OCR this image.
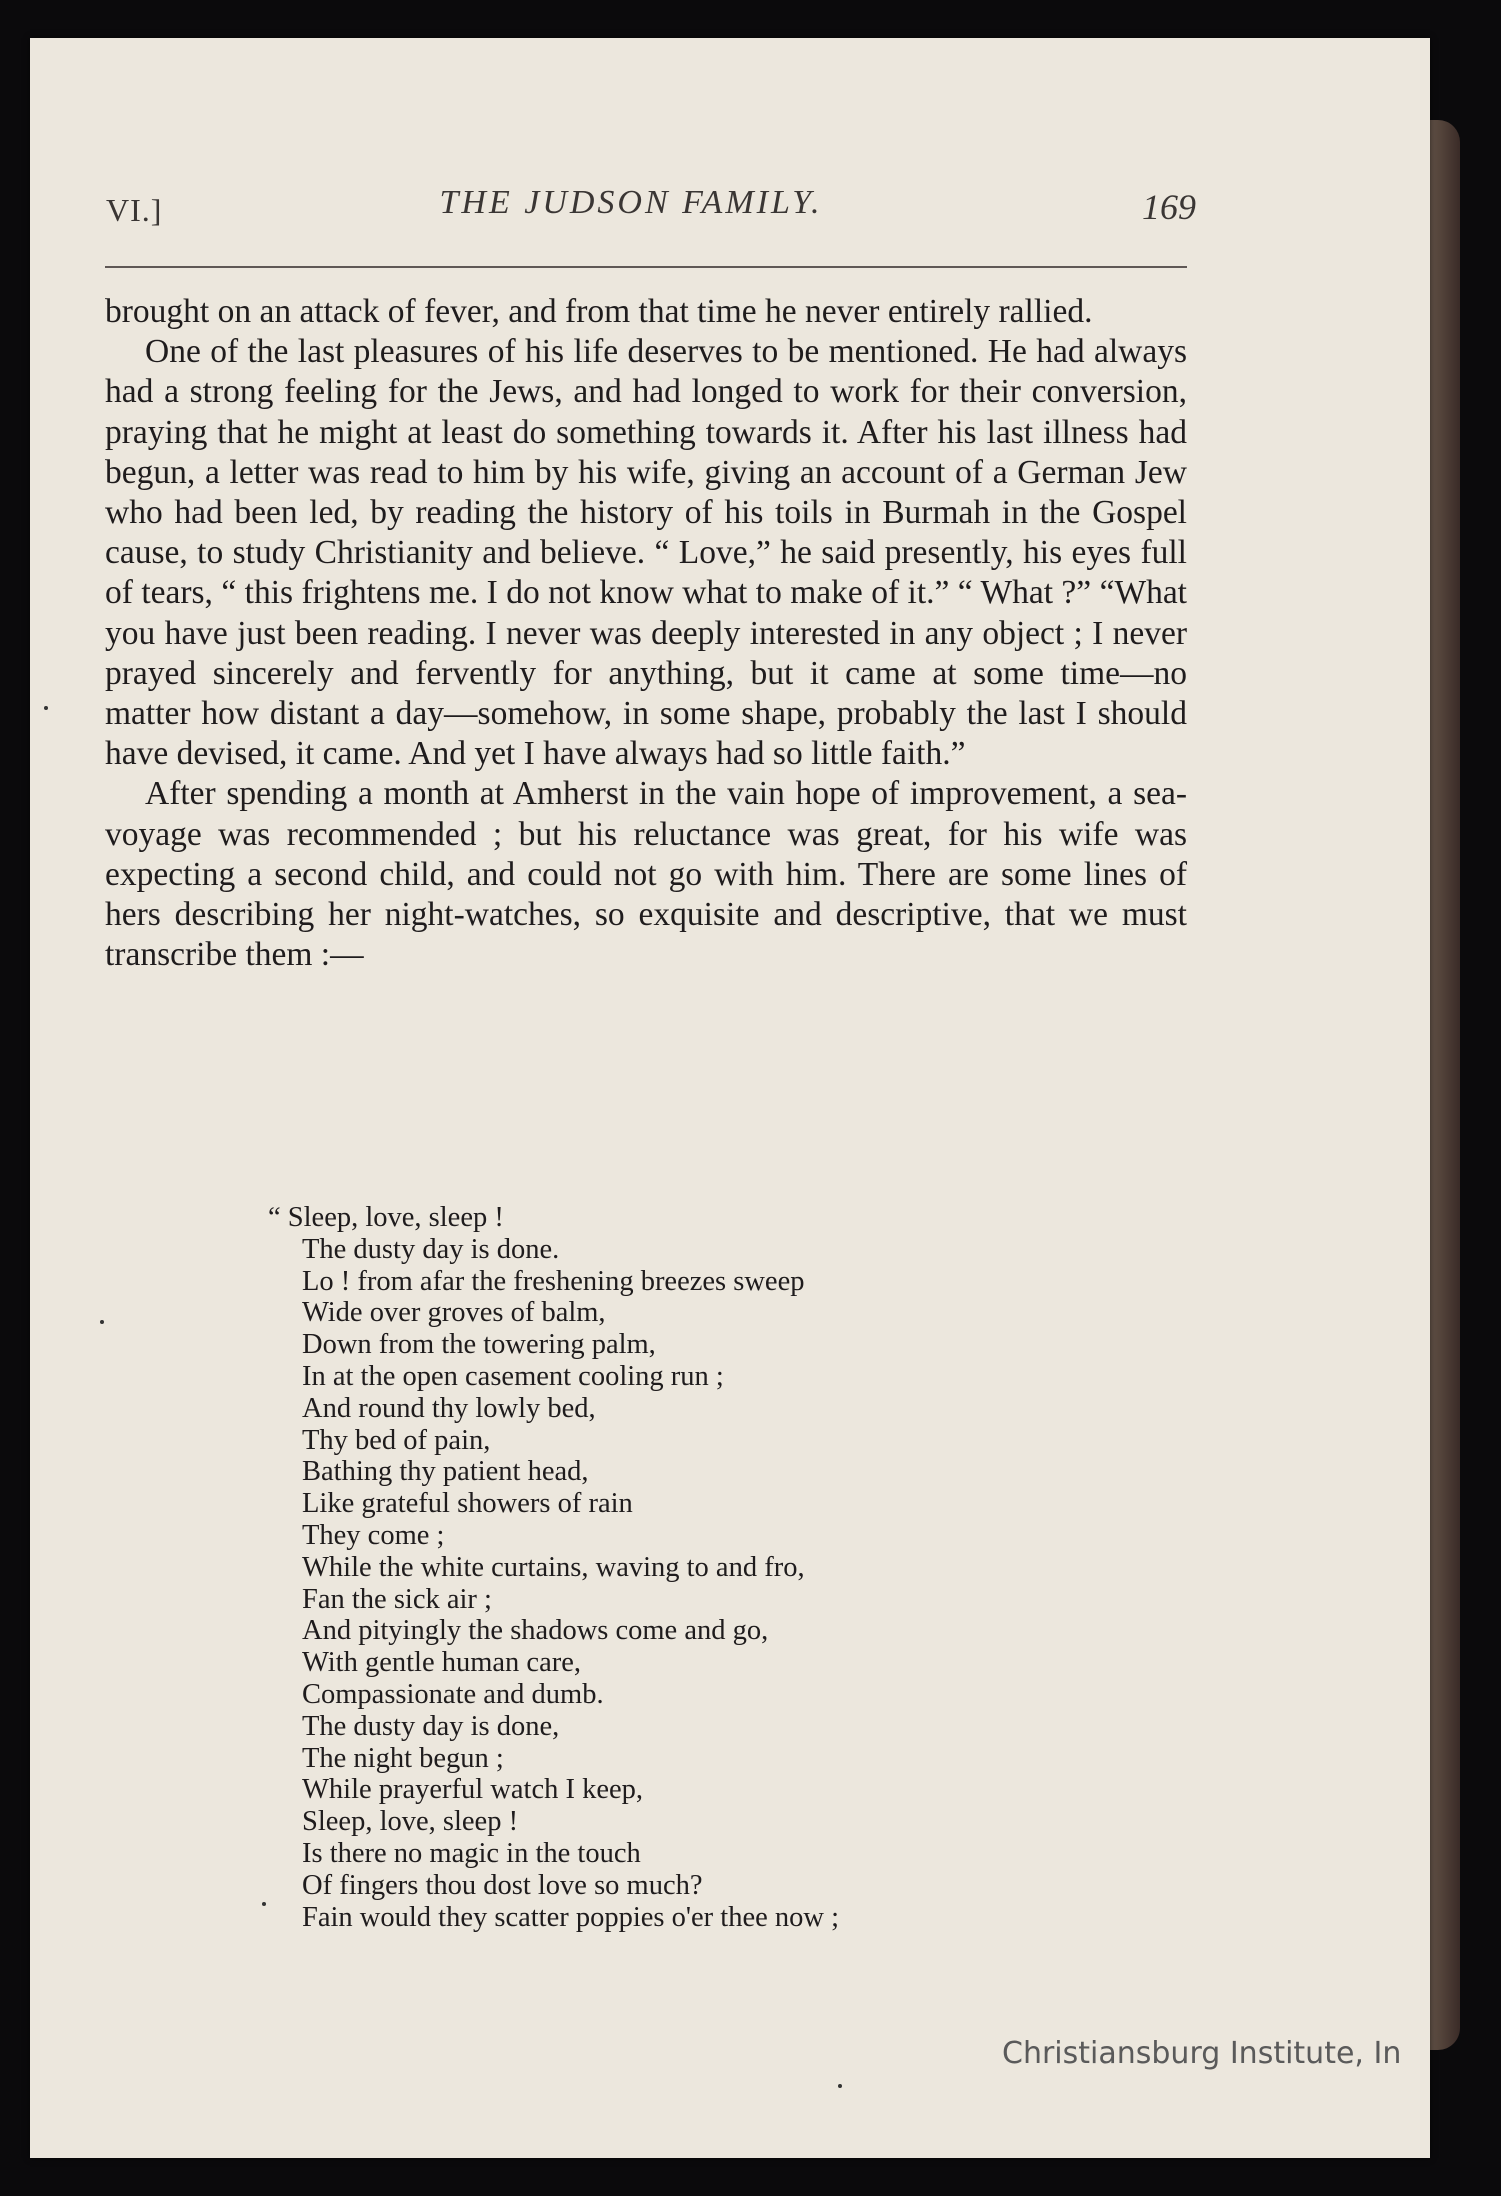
VI.]	THE JUDSON FAMILY.	169

brought on an attack of fever, and from that time he never entirely rallied.

One of the last pleasures of his life deserves to be mentioned. He had always had a strong feeling for the Jews, and had longed to work for their conversion, praying that he might at least do something towards it. After his last illness had begun, a letter was read to him by his wife, giving an account of a German Jew who had been led, by reading the history of his toils in Burmah in the Gospel cause, to study Christianity and believe. “ Love,” he said presently, his eyes full of tears, “ this frightens me. I do not know what to make of it.” “ What ?” “What you have just been reading. I never was deeply interested in any object ; I never prayed sincerely and fervently for anything, but it came at some time—no matter how distant a day—somehow, in some shape, probably the last I should have devised, it came. And yet I have always had so little faith.”

After spending a month at Amherst in the vain hope of improvement, a sea-voyage was recommended ; but his reluctance was great, for his wife was expecting a second child, and could not go with him. There are some lines of hers describing her night-watches, so exquisite and descriptive, that we must transcribe them :—

“ Sleep, love, sleep !
The dusty day is done.
Lo ! from afar the freshening breezes sweep
Wide over groves of balm,
Down from the towering palm,
In at the open casement cooling run ;
And round thy lowly bed,
Thy bed of pain,
Bathing thy patient head,
Like grateful showers of rain
They come ;
While the white curtains, waving to and fro,
Fan the sick air ;
And pityingly the shadows come and go,
With gentle human care,
Compassionate and dumb.
The dusty day is done,
The night begun ;
While prayerful watch I keep,
Sleep, love, sleep !
Is there no magic in the touch
Of fingers thou dost love so much?
Fain would they scatter poppies o'er thee now ;
Christiansburg Institute, In
